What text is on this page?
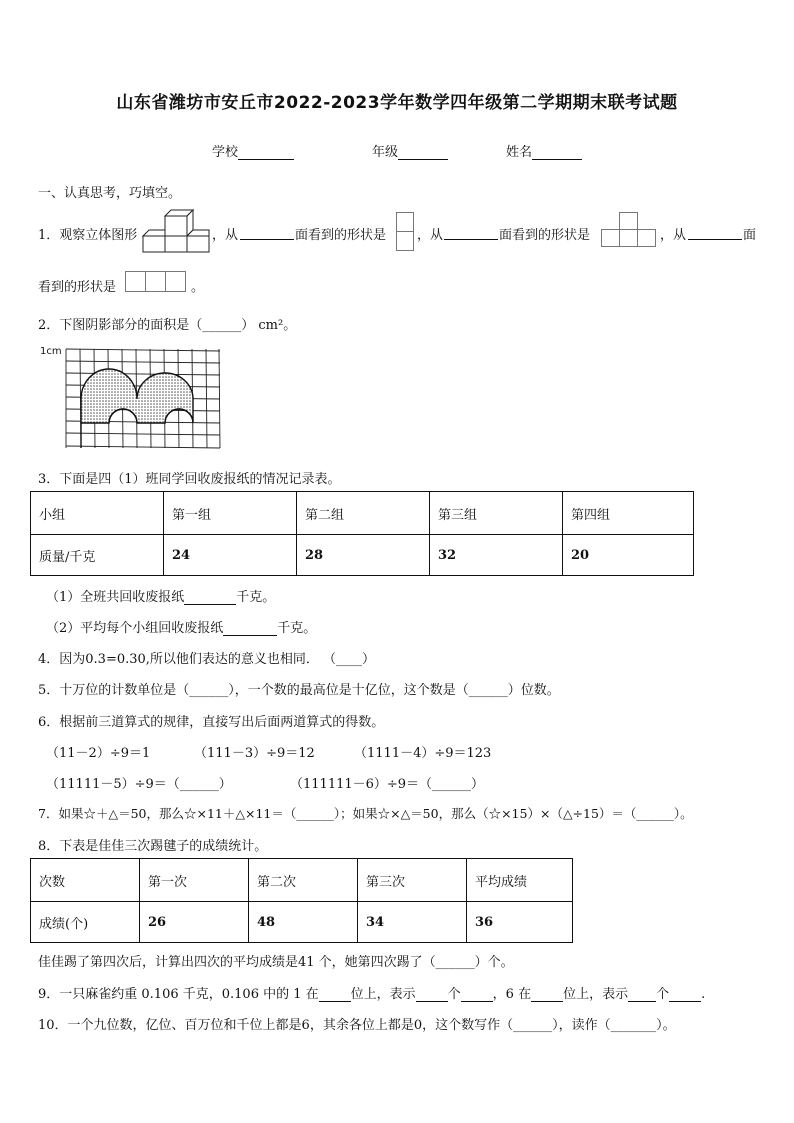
山东省潍坊市安丘市2022-2023学年数学四年级第二学期期末联考试题
学校	年级	姓名
一、认真思考，巧填空。
1．观察立体图形	，从	面看到的形状是 ，从	面看到的形状是	，从	面
看到的形状是	。
2．下图阴影部分的面积是（______） cm²。
1cm
3．下面是四（1）班同学回收废报纸的情况记录表。
小组	第一组	第二组	第三组	第四组
质量/千克	24	28	32	20
（1）全班共回收废报纸	千克。
（2）平均每个小组回收废报纸	千克。
4．因为0.3=0.30,所以他们表达的意义也相同． （____）
5．十万位的计数单位是（______），一个数的最高位是十亿位，这个数是（______）位数。
6．根据前三道算式的规律，直接写出后面两道算式的得数。
（11－2）÷9＝1	（111－3）÷9＝12	（1111－4）÷9＝123
（11111－5）÷9＝（______）	（111111－6）÷9＝（______）
7．如果☆＋△＝50，那么☆×11＋△×11＝（______）；如果☆×△＝50，那么（☆×15）×（△÷15）＝（______）。
8．下表是佳佳三次踢毽子的成绩统计。
次数	第一次	第二次	第三次	平均成绩
成绩(个)	26	48	34	36
佳佳踢了第四次后，计算出四次的平均成绩是41 个，她第四次踢了（______）个。
9．一只麻雀约重 0.106 千克，0.106 中的 1 在 位上，表示 个 ，6 在 位上，表示 个 .
10．一个九位数，亿位、百万位和千位上都是6，其余各位上都是0，这个数写作（______），读作（_______）。
